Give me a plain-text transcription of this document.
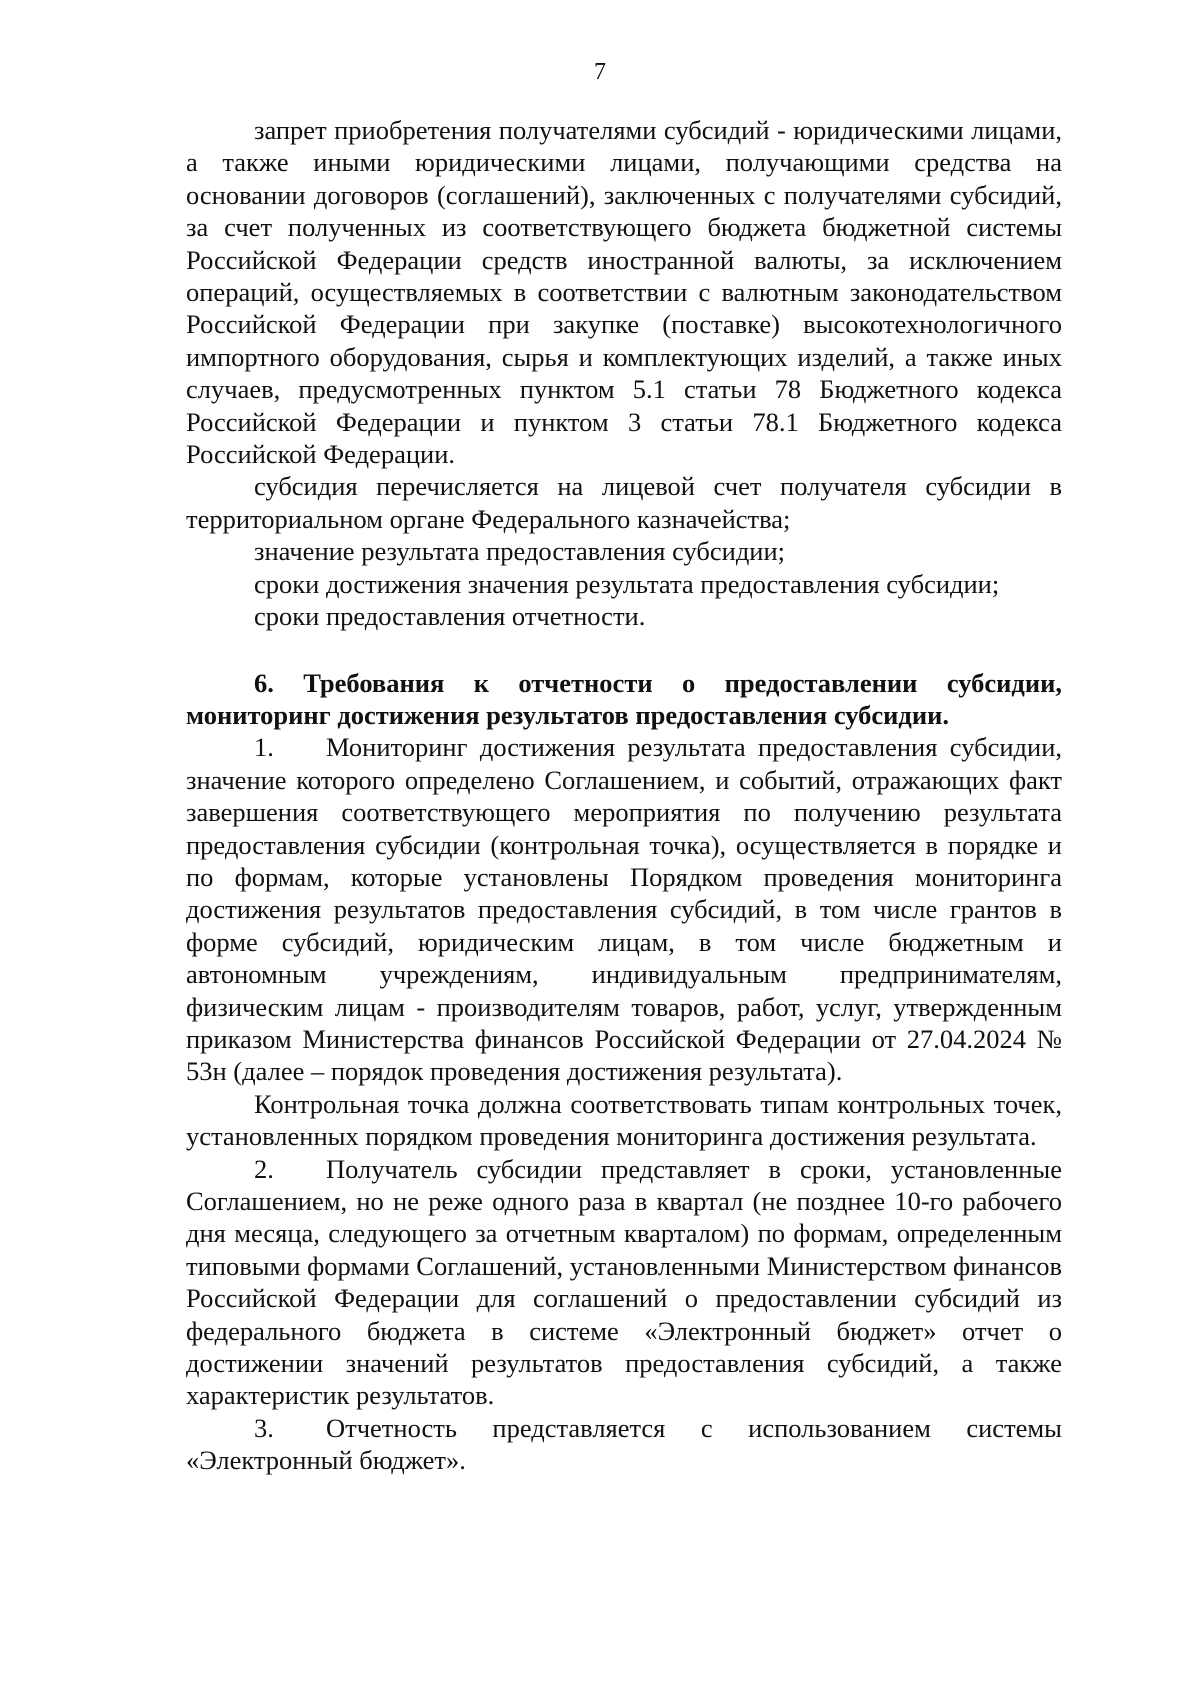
7

запрет приобретения получателями субсидий - юридическими лицами, а также иными юридическими лицами, получающими средства на основании договоров (соглашений), заключенных с получателями субсидий, за счет полученных из соответствующего бюджета бюджетной системы Российской Федерации средств иностранной валюты, за исключением операций, осуществляемых в соответствии с валютным законодательством Российской Федерации при закупке (поставке) высокотехнологичного импортного оборудования, сырья и комплектующих изделий, а также иных случаев, предусмотренных пунктом 5.1 статьи 78 Бюджетного кодекса Российской Федерации и пунктом 3 статьи 78.1 Бюджетного кодекса Российской Федерации.

субсидия перечисляется на лицевой счет получателя субсидии в территориальном органе Федерального казначейства;

значение результата предоставления субсидии;

сроки достижения значения результата предоставления субсидии;

сроки предоставления отчетности.

6. Требования к отчетности о предоставлении субсидии, мониторинг достижения результатов предоставления субсидии.

1. Мониторинг достижения результата предоставления субсидии, значение которого определено Соглашением, и событий, отражающих факт завершения соответствующего мероприятия по получению результата предоставления субсидии (контрольная точка), осуществляется в порядке и по формам, которые установлены Порядком проведения мониторинга достижения результатов предоставления субсидий, в том числе грантов в форме субсидий, юридическим лицам, в том числе бюджетным и автономным учреждениям, индивидуальным предпринимателям, физическим лицам - производителям товаров, работ, услуг, утвержденным приказом Министерства финансов Российской Федерации от 27.04.2024 № 53н (далее – порядок проведения достижения результата).

Контрольная точка должна соответствовать типам контрольных точек, установленных порядком проведения мониторинга достижения результата.

2. Получатель субсидии представляет в сроки, установленные Соглашением, но не реже одного раза в квартал (не позднее 10-го рабочего дня месяца, следующего за отчетным кварталом) по формам, определенным типовыми формами Соглашений, установленными Министерством финансов Российской Федерации для соглашений о предоставлении субсидий из федерального бюджета в системе «Электронный бюджет» отчет о достижении значений результатов предоставления субсидий, а также характеристик результатов.

3. Отчетность представляется с использованием системы «Электронный бюджет».
